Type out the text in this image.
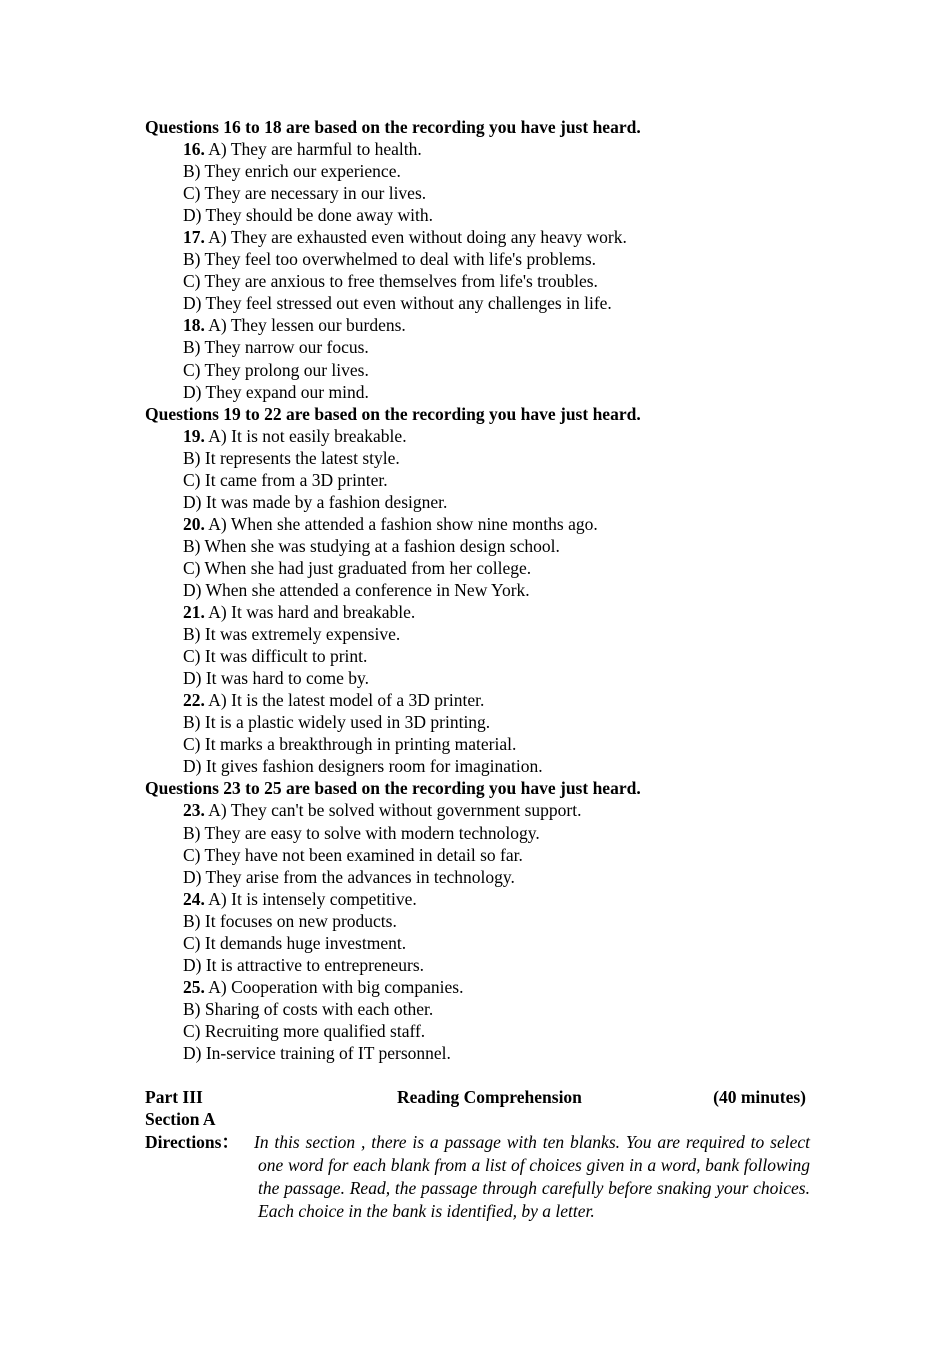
Questions 16 to 18 are based on the recording you have just heard.
16. A) They are harmful to health.
B) They enrich our experience.
C) They are necessary in our lives.
D) They should be done away with.
17. A) They are exhausted even without doing any heavy work.
B) They feel too overwhelmed to deal with life's problems.
C) They are anxious to free themselves from life's troubles.
D) They feel stressed out even without any challenges in life.
18. A) They lessen our burdens.
B) They narrow our focus.
C) They prolong our lives.
D) They expand our mind.
Questions 19 to 22 are based on the recording you have just heard.
19. A) It is not easily breakable.
B) It represents the latest style.
C) It came from a 3D printer.
D) It was made by a fashion designer.
20. A) When she attended a fashion show nine months ago.
B) When she was studying at a fashion design school.
C) When she had just graduated from her college.
D) When she attended a conference in New York.
21. A) It was hard and breakable.
B) It was extremely expensive.
C) It was difficult to print.
D) It was hard to come by.
22. A) It is the latest model of a 3D printer.
B) It is a plastic widely used in 3D printing.
C) It marks a breakthrough in printing material.
D) It gives fashion designers room for imagination.
Questions 23 to 25 are based on the recording you have just heard.
23. A) They can't be solved without government support.
B) They are easy to solve with modern technology.
C) They have not been examined in detail so far.
D) They arise from the advances in technology.
24. A) It is intensely competitive.
B) It focuses on new products.
C) It demands huge investment.
D) It is attractive to entrepreneurs.
25. A) Cooperation with big companies.
B) Sharing of costs with each other.
C) Recruiting more qualified staff.
D) In-service training of IT personnel.
Part III	Reading Comprehension	(40 minutes)
Section A
Directions： In this section , there is a passage with ten blanks. You are required to select one word for each blank from a list of choices given in a word, bank following the passage. Read, the passage through carefully before snaking your choices. Each choice in the bank is identified, by a letter.
